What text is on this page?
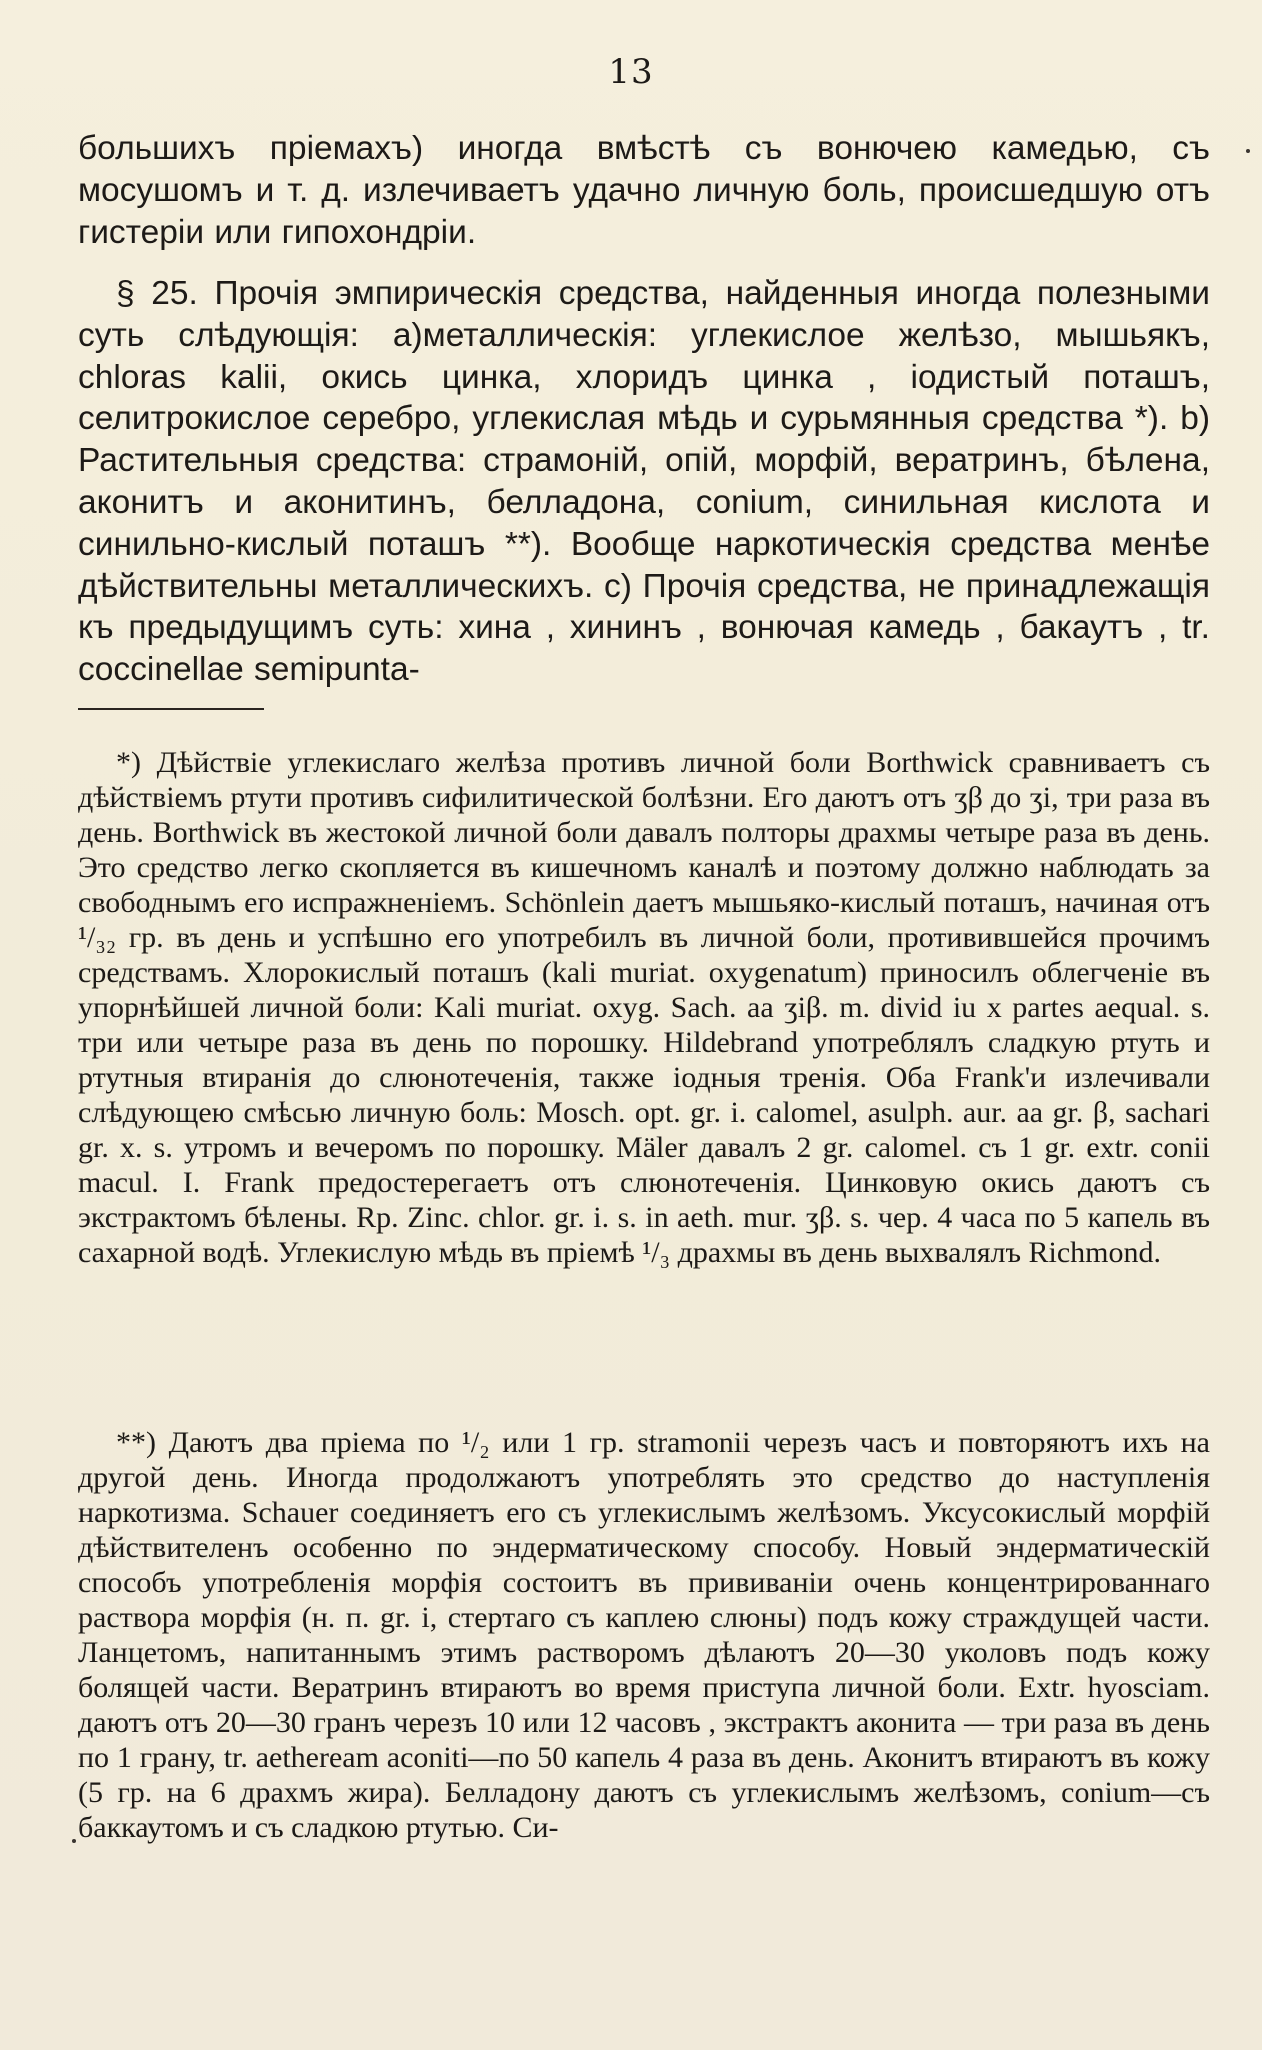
13

большихъ пріемахъ) иногда вмѣстѣ съ вонючею камедью, съ мосушомъ и т. д. излечиваетъ удачно личную боль, происшедшую отъ гистеріи или гипохондріи.

§ 25. Прочія эмпирическія средства, найденныя иногда полезными суть слѣдующія: а)металлическія: углекислое желѣзо, мышьякъ, chloras kalii, окись цинка, хлоридъ цинка , іодистый поташъ, селитрокислое серебро, углекислая мѣдь и сурьмянныя средства *). b) Растительныя средства: страмоній, опій, морфій, вератринъ, бѣлена, аконитъ и аконитинъ, белладона, conium, синильная кислота и синильно-кислый поташъ **). Вообще наркотическія средства менѣе дѣйствительны металлическихъ. c) Прочія средства, не принадлежащія къ предыдущимъ суть: хина , хининъ , вонючая камедь , бакаутъ , tr. coccinellae semipunta-

*) Дѣйствіе углекислаго желѣза противъ личной боли Borthwick сравниваетъ съ дѣйствіемъ ртути противъ сифилитической болѣзни. Его даютъ отъ ʒβ до ʒi, три раза въ день. Borthwick въ жестокой личной боли давалъ полторы драхмы четыре раза въ день. Это средство легко скопляется въ кишечномъ каналѣ и поэтому должно наблюдать за свободнымъ его испражненіемъ. Schönlein даетъ мышьяко-кислый поташъ, начиная отъ ¹/₃₂ гр. въ день и успѣшно его употребилъ въ личной боли, противившейся прочимъ средствамъ. Хлорокислый поташъ (kali muriat. oxygenatum) приносилъ облегченіе въ упорнѣйшей личной боли: Kali muriat. oxyg. Sach. aa ʒiβ. m. divid iu x partes aequal. s. три или четыре раза въ день по порошку. Hildebrand употреблялъ сладкую ртуть и ртутныя втиранія до слюнотеченія, также іодныя тренія. Оба Frank'и излечивали слѣдующею смѣсью личную боль: Mosch. opt. gr. i. calomel, asulph. aur. aa gr. β, sachari gr. x. s. утромъ и вечеромъ по порошку. Mäler давалъ 2 gr. calomel. съ 1 gr. extr. conii macul. I. Frank предостерегаетъ отъ слюнотеченія. Цинковую окись даютъ съ экстрактомъ бѣлены. Rp. Zinc. chlor. gr. i. s. in aeth. mur. ʒβ. s. чер. 4 часа по 5 капель въ сахарной водѣ. Углекислую мѣдь въ пріемѣ ¹/₃ драхмы въ день выхвалялъ Richmond.

**) Даютъ два пріема по ¹/₂ или 1 гр. stramonii черезъ часъ и повторяютъ ихъ на другой день. Иногда продолжаютъ употреблять это средство до наступленія наркотизма. Schauer соединяетъ его съ углекислымъ желѣзомъ. Уксусокислый морфій дѣйствителенъ особенно по эндерматическому способу. Новый эндерматическій способъ употребленія морфія состоитъ въ прививаніи очень концентрированнаго раствора морфія (н. п. gr. i, стертаго съ каплею слюны) подъ кожу страждущей части. Ланцетомъ, напитаннымъ этимъ растворомъ дѣлаютъ 20—30 уколовъ подъ кожу болящей части. Вератринъ втираютъ во время приступа личной боли. Extr. hyosciam. даютъ отъ 20—30 гранъ черезъ 10 или 12 часовъ , экстрактъ аконита — три раза въ день по 1 грану, tr. aetheream aconiti—по 50 капель 4 раза въ день. Аконитъ втираютъ въ кожу (5 гр. на 6 драхмъ жира). Белладону даютъ съ углекислымъ желѣзомъ, conium—съ баккаутомъ и съ сладкою ртутью. Си-
